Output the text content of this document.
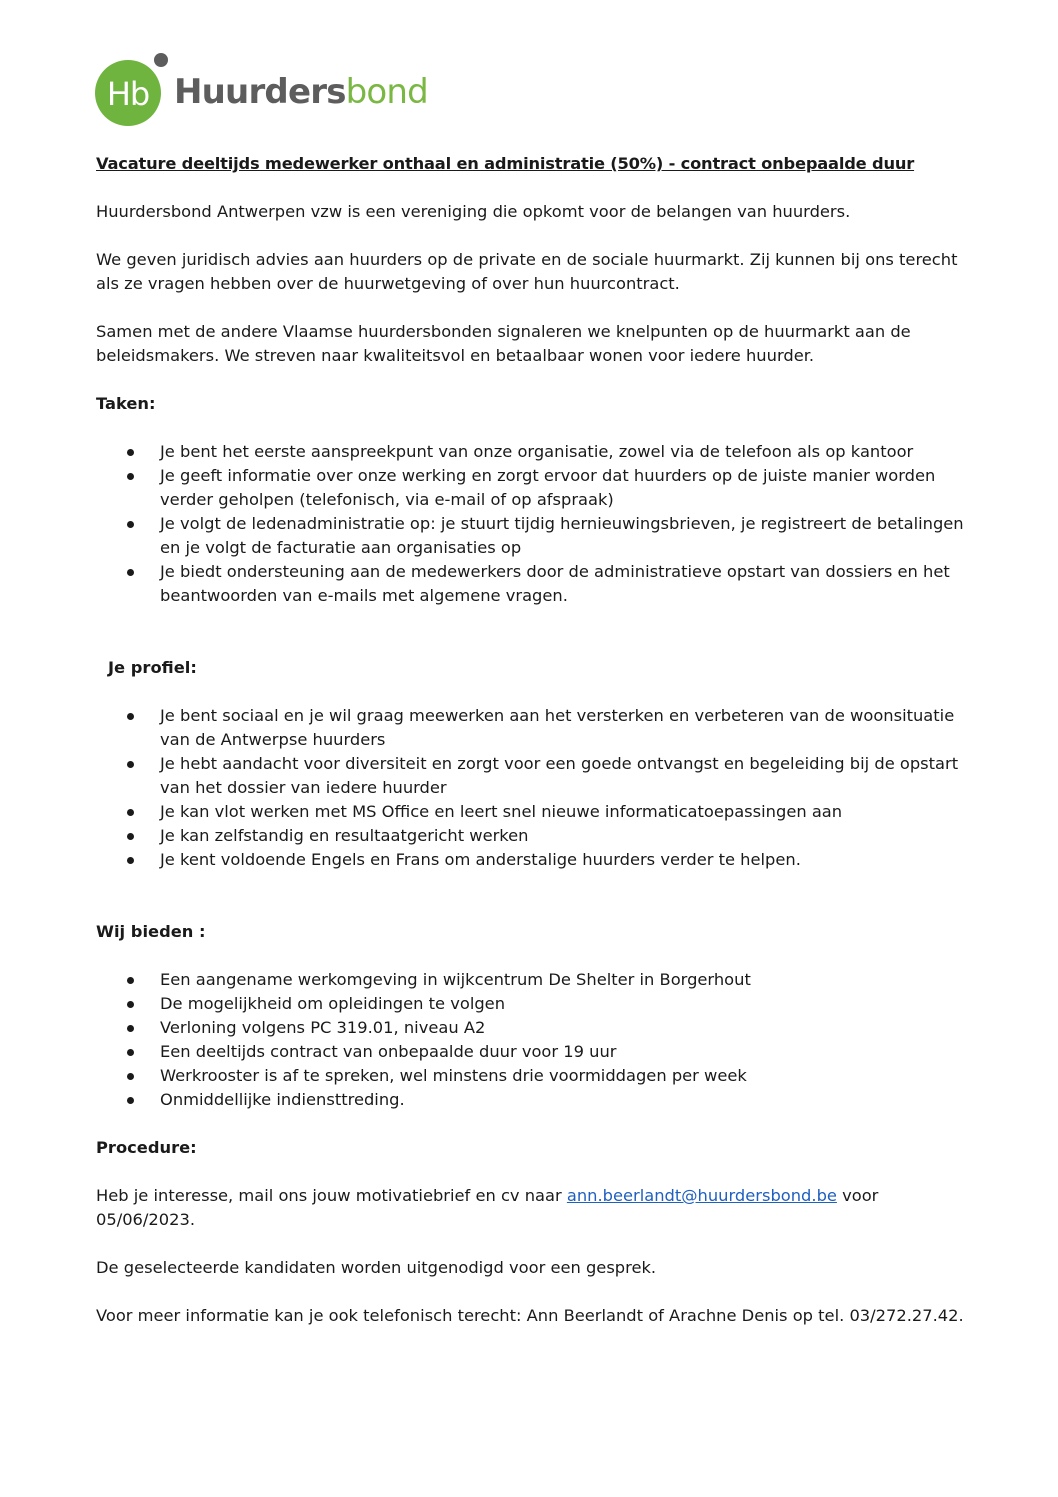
Hb Huurdersbond
Vacature deeltijds medewerker onthaal en administratie (50%) - contract onbepaalde duur

Huurdersbond Antwerpen vzw is een vereniging die opkomt voor de belangen van huurders.

We geven juridisch advies aan huurders op de private en de sociale huurmarkt. Zij kunnen bij ons terecht als ze vragen hebben over de huurwetgeving of over hun huurcontract.

Samen met de andere Vlaamse huurdersbonden signaleren we knelpunten op de huurmarkt aan de beleidsmakers. We streven naar kwaliteitsvol en betaalbaar wonen voor iedere huurder.

Taken:
Je bent het eerste aanspreekpunt van onze organisatie, zowel via de telefoon als op kantoor
Je geeft informatie over onze werking en zorgt ervoor dat huurders op de juiste manier worden verder geholpen (telefonisch, via e-mail of op afspraak)
Je volgt de ledenadministratie op: je stuurt tijdig hernieuwingsbrieven, je registreert de betalingen en je volgt de facturatie aan organisaties op
Je biedt ondersteuning aan de medewerkers door de administratieve opstart van dossiers en het beantwoorden van e-mails met algemene vragen.
Je profiel:
Je bent sociaal en je wil graag meewerken aan het versterken en verbeteren van de woonsituatie van de Antwerpse huurders
Je hebt aandacht voor diversiteit en zorgt voor een goede ontvangst en begeleiding bij de opstart van het dossier van iedere huurder
Je kan vlot werken met MS Office en leert snel nieuwe informaticatoepassingen aan
Je kan zelfstandig en resultaatgericht werken
Je kent voldoende Engels en Frans om anderstalige huurders verder te helpen.
Wij bieden :
Een aangename werkomgeving in wijkcentrum De Shelter in Borgerhout
De mogelijkheid om opleidingen te volgen
Verloning volgens PC 319.01, niveau A2
Een deeltijds contract van onbepaalde duur voor 19 uur
Werkrooster is af te spreken, wel minstens drie voormiddagen per week
Onmiddellijke indiensttreding.
Procedure:

Heb je interesse, mail ons jouw motivatiebrief en cv naar ann.beerlandt@huurdersbond.be voor 05/06/2023.

De geselecteerde kandidaten worden uitgenodigd voor een gesprek.

Voor meer informatie kan je ook telefonisch terecht: Ann Beerlandt of Arachne Denis op tel. 03/272.27.42.
